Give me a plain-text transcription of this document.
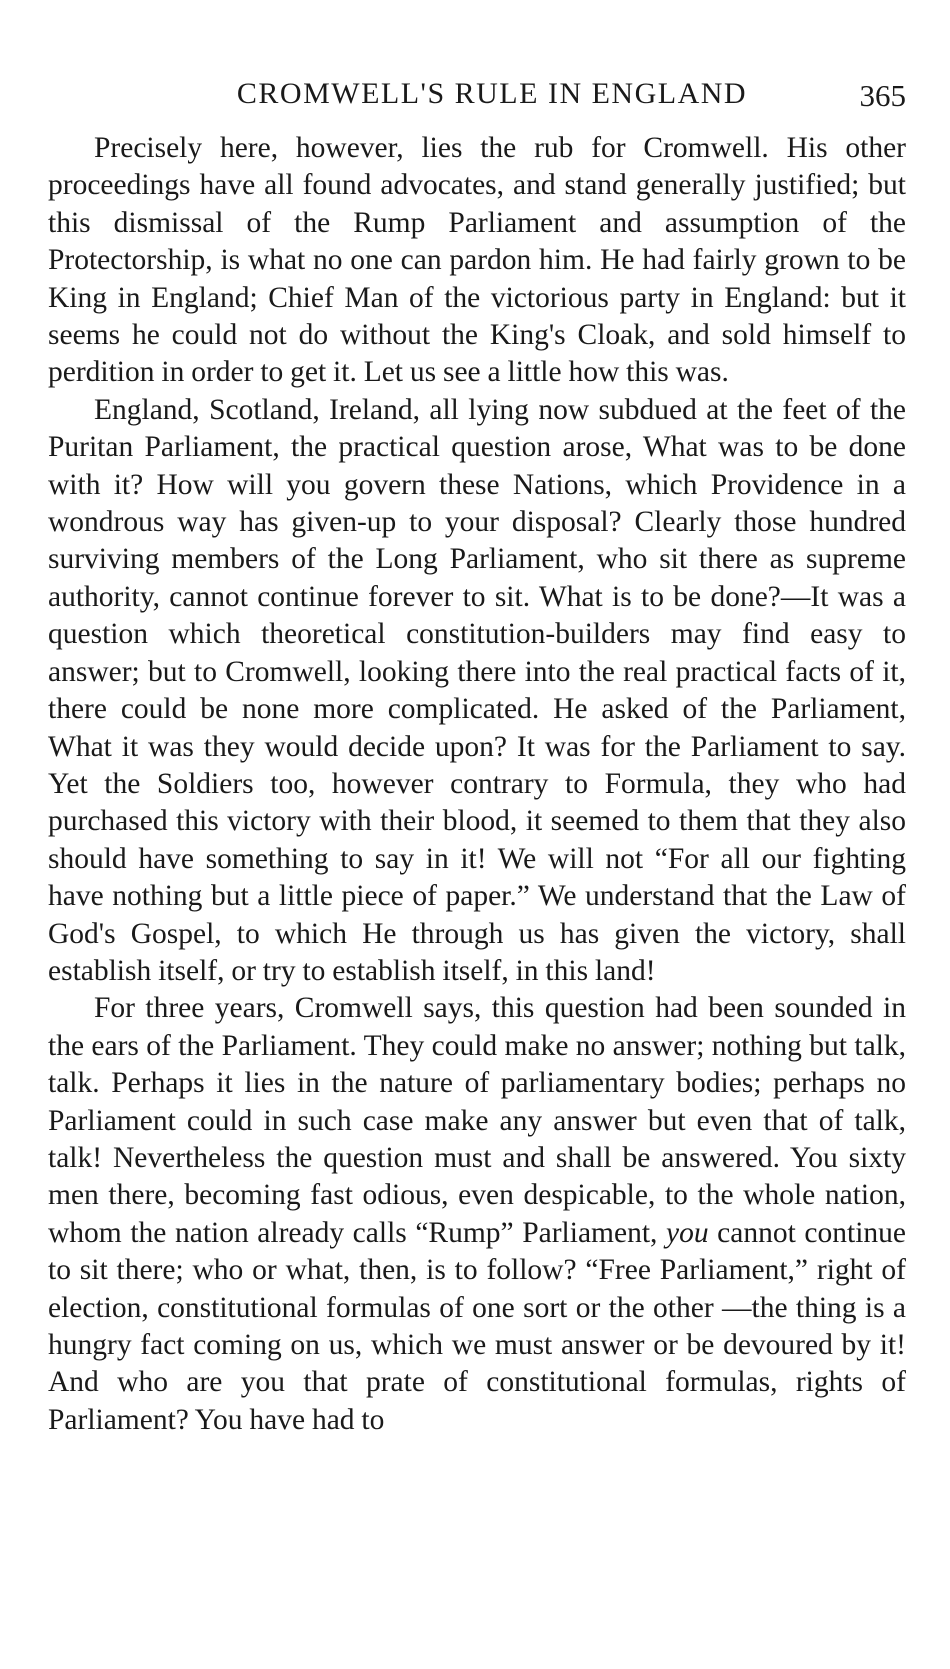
CROMWELL'S RULE IN ENGLAND	365

Precisely here, however, lies the rub for Cromwell. His other proceedings have all found advocates, and stand generally justified; but this dismissal of the Rump Parliament and assumption of the Protectorship, is what no one can pardon him. He had fairly grown to be King in England; Chief Man of the victorious party in England: but it seems he could not do without the King's Cloak, and sold himself to perdition in order to get it. Let us see a little how this was.

England, Scotland, Ireland, all lying now subdued at the feet of the Puritan Parliament, the practical question arose, What was to be done with it? How will you govern these Nations, which Providence in a wondrous way has given-up to your disposal? Clearly those hundred surviving members of the Long Parliament, who sit there as supreme authority, cannot continue forever to sit. What is to be done?—It was a question which theoretical constitution-builders may find easy to answer; but to Cromwell, looking there into the real practical facts of it, there could be none more complicated. He asked of the Parliament, What it was they would decide upon? It was for the Parliament to say. Yet the Soldiers too, however contrary to Formula, they who had purchased this victory with their blood, it seemed to them that they also should have something to say in it! We will not “For all our fighting have nothing but a little piece of paper.” We understand that the Law of God's Gospel, to which He through us has given the victory, shall establish itself, or try to establish itself, in this land!

For three years, Cromwell says, this question had been sounded in the ears of the Parliament. They could make no answer; nothing but talk, talk. Perhaps it lies in the nature of parliamentary bodies; perhaps no Parliament could in such case make any answer but even that of talk, talk! Nevertheless the question must and shall be answered. You sixty men there, becoming fast odious, even despicable, to the whole nation, whom the nation already calls “Rump” Parliament, you cannot continue to sit there; who or what, then, is to follow? “Free Parliament,” right of election, constitutional formulas of one sort or the other —the thing is a hungry fact coming on us, which we must answer or be devoured by it! And who are you that prate of constitutional formulas, rights of Parliament? You have had to
